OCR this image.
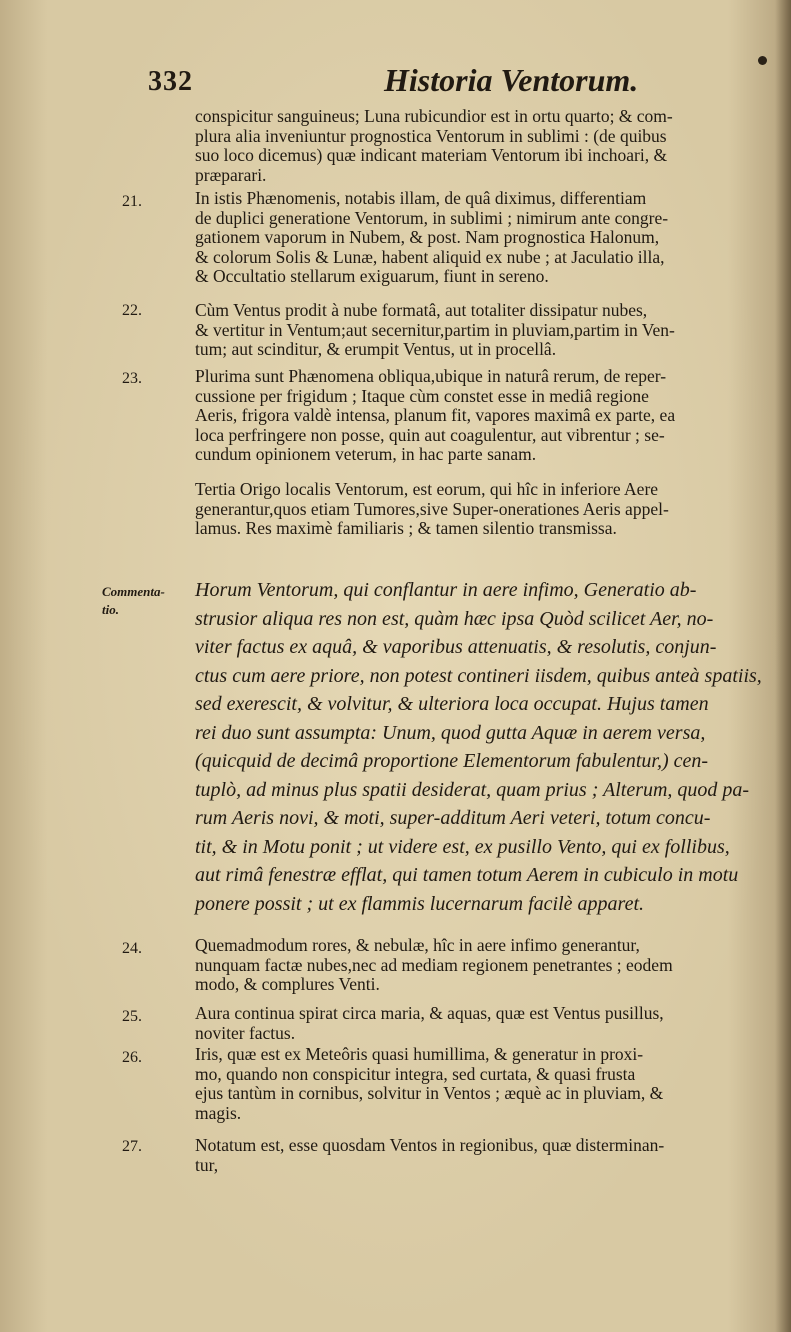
332	Historia Ventorum.
conspicitur sanguineus; Luna rubicundior est in ortu quarto; & com-
plura alia inveniuntur prognostica Ventorum in sublimi : (de quibus
suo loco dicemus) quæ indicant materiam Ventorum ibi inchoari, &
præparari.
21.	In istis Phænomenis, notabis illam, de quâ diximus, differentiam
de duplici generatione Ventorum, in sublimi ; nimirum ante congre-
gationem vaporum in Nubem, & post. Nam prognostica Halonum,
& colorum Solis & Lunæ, habent aliquid ex nube ; at Jaculatio illa,
& Occultatio stellarum exiguarum, fiunt in sereno.
22.	Cùm Ventus prodit à nube formatâ, aut totaliter dissipatur nubes,
& vertitur in Ventum;aut secernitur,partim in pluviam,partim in Ven-
tum; aut scinditur, & erumpit Ventus, ut in procellâ.
23.	Plurima sunt Phænomena obliqua,ubique in naturâ rerum, de reper-
cussione per frigidum ; Itaque cùm constet esse in mediâ regione
Aeris, frigora valdè intensa, planum fit, vapores maximâ ex parte, ea
loca perfringere non posse, quin aut coagulentur, aut vibrentur ; se-
cundum opinionem veterum, in hac parte sanam.
Tertia Origo localis Ventorum, est eorum, qui hîc in inferiore Aere
generantur,quos etiam Tumores,sive Super-onerationes Aeris appel-
lamus. Res maximè familiaris ; & tamen silentio transmissa.
Commenta-
tio.
Horum Ventorum, qui conflantur in aere infimo, Generatio ab-
strusior aliqua res non est, quàm hæc ipsa Quòd scilicet Aer, no-
viter factus ex aquâ, & vaporibus attenuatis, & resolutis, conjun-
ctus cum aere priore, non potest contineri iisdem, quibus anteà spatiis,
sed exerescit, & volvitur, & ulteriora loca occupat. Hujus tamen
rei duo sunt assumpta: Unum, quod gutta Aquæ in aerem versa,
(quicquid de decimâ proportione Elementorum fabulentur,) cen-
tuplò, ad minus plus spatii desiderat, quam prius ; Alterum, quod pa-
rum Aeris novi, & moti, super-additum Aeri veteri, totum concu-
tit, & in Motu ponit ; ut videre est, ex pusillo Vento, qui ex follibus,
aut rimâ fenestræ efflat, qui tamen totum Aerem in cubiculo in motu
ponere possit ; ut ex flammis lucernarum facilè apparet.
24.	Quemadmodum rores, & nebulæ, hîc in aere infimo generantur,
nunquam factæ nubes,nec ad mediam regionem penetrantes ; eodem
modo, & complures Venti.
25.	Aura continua spirat circa maria, & aquas, quæ est Ventus pusillus,
noviter factus.
26.	Iris, quæ est ex Meteôris quasi humillima, & generatur in proxi-
mo, quando non conspicitur integra, sed curtata, & quasi frusta
ejus tantùm in cornibus, solvitur in Ventos ; æquè ac in pluviam, &
magis.
27.	Notatum est, esse quosdam Ventos in regionibus, quæ disterminan-
tur,
